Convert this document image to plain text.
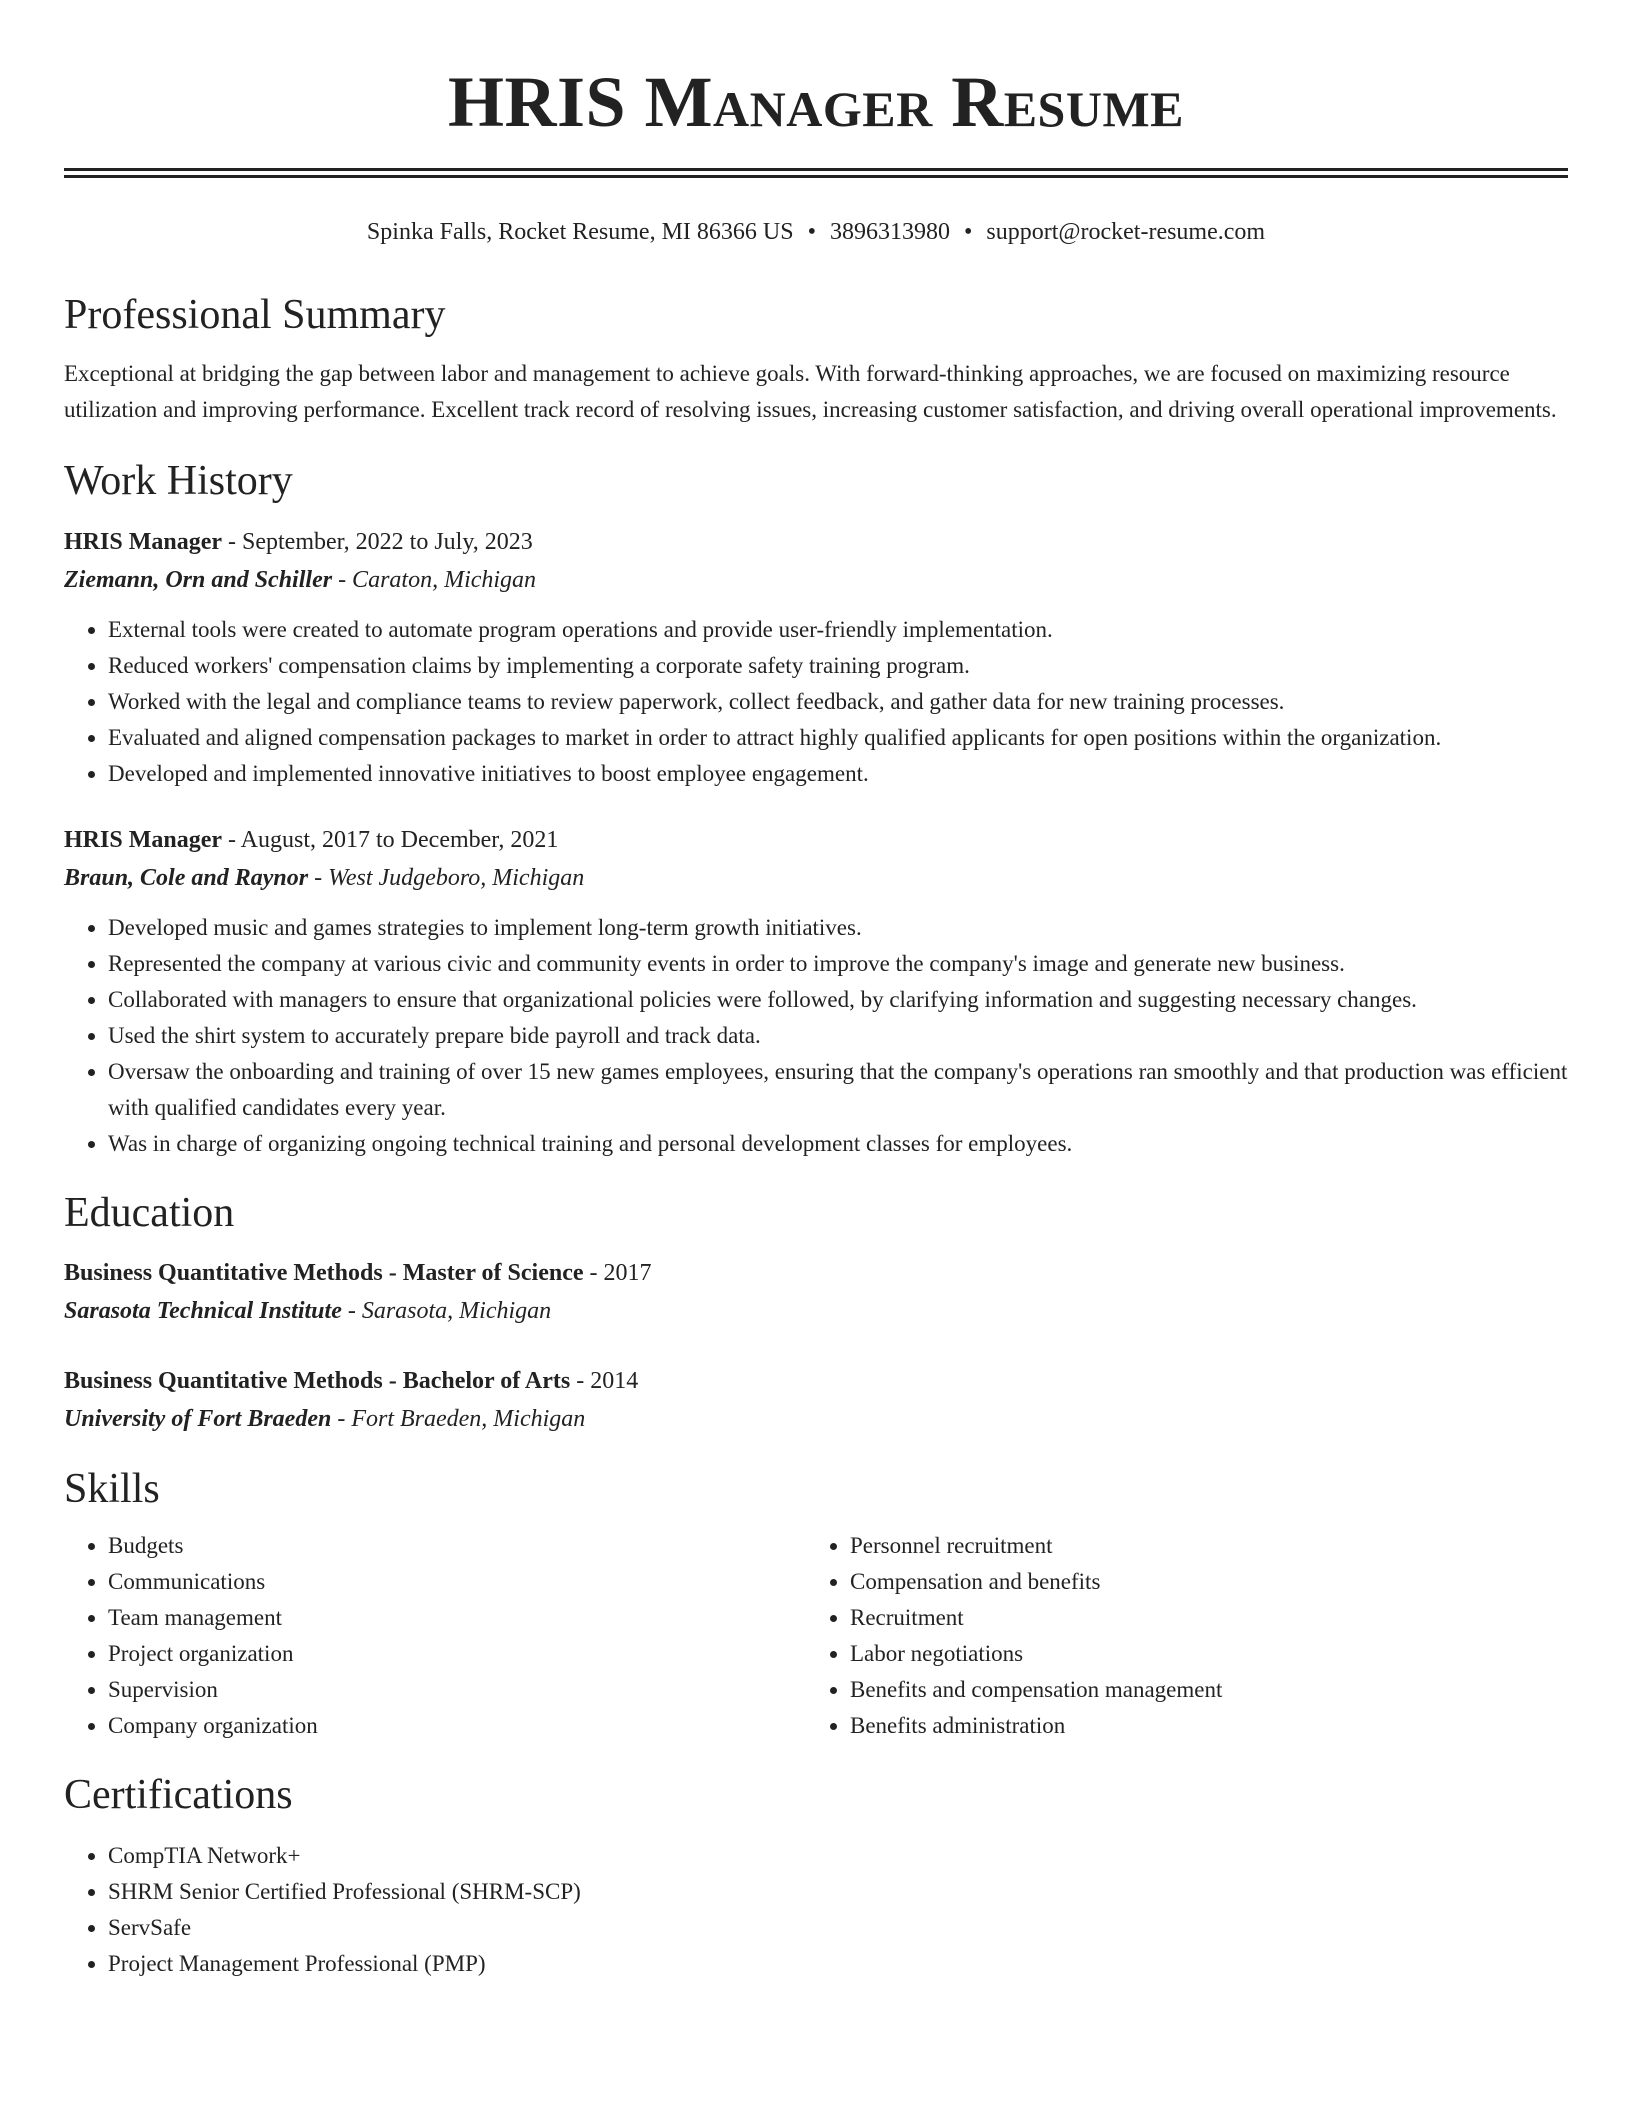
HRIS Manager Resume
Spinka Falls, Rocket Resume, MI 86366 US • 3896313980 • support@rocket-resume.com
Professional Summary
Exceptional at bridging the gap between labor and management to achieve goals. With forward-thinking approaches, we are focused on maximizing resource utilization and improving performance. Excellent track record of resolving issues, increasing customer satisfaction, and driving overall operational improvements.
Work History
HRIS Manager - September, 2022 to July, 2023
Ziemann, Orn and Schiller - Caraton, Michigan
• External tools were created to automate program operations and provide user-friendly implementation.
• Reduced workers' compensation claims by implementing a corporate safety training program.
• Worked with the legal and compliance teams to review paperwork, collect feedback, and gather data for new training processes.
• Evaluated and aligned compensation packages to market in order to attract highly qualified applicants for open positions within the organization.
• Developed and implemented innovative initiatives to boost employee engagement.
HRIS Manager - August, 2017 to December, 2021
Braun, Cole and Raynor - West Judgeboro, Michigan
• Developed music and games strategies to implement long-term growth initiatives.
• Represented the company at various civic and community events in order to improve the company's image and generate new business.
• Collaborated with managers to ensure that organizational policies were followed, by clarifying information and suggesting necessary changes.
• Used the shirt system to accurately prepare bide payroll and track data.
• Oversaw the onboarding and training of over 15 new games employees, ensuring that the company's operations ran smoothly and that production was efficient with qualified candidates every year.
• Was in charge of organizing ongoing technical training and personal development classes for employees.
Education
Business Quantitative Methods - Master of Science - 2017
Sarasota Technical Institute - Sarasota, Michigan
Business Quantitative Methods - Bachelor of Arts - 2014
University of Fort Braeden - Fort Braeden, Michigan
Skills
• Budgets
• Communications
• Team management
• Project organization
• Supervision
• Company organization
• Personnel recruitment
• Compensation and benefits
• Recruitment
• Labor negotiations
• Benefits and compensation management
• Benefits administration
Certifications
• CompTIA Network+
• SHRM Senior Certified Professional (SHRM-SCP)
• ServSafe
• Project Management Professional (PMP)
